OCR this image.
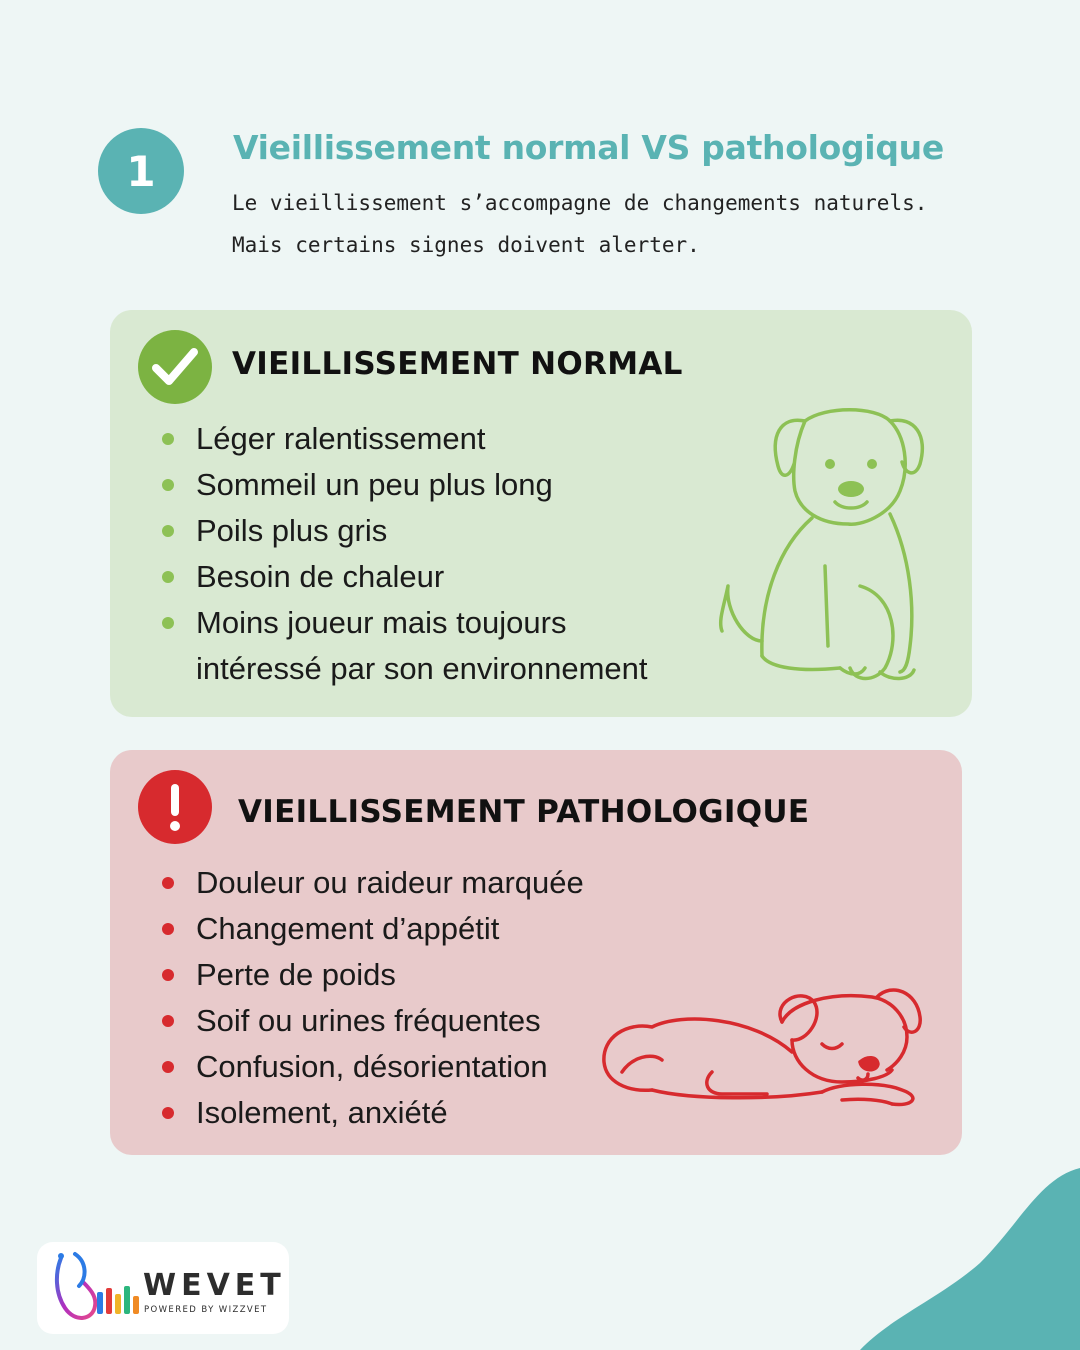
1	Vieillissement normal VS pathologique

Le vieillissement s’accompagne de changements naturels.
Mais certains signes doivent alerter.

VIEILLISSEMENT NORMAL
Léger ralentissement
Sommeil un peu plus long
Poils plus gris
Besoin de chaleur
Moins joueur mais toujours
intéressé par son environnement
VIEILLISSEMENT PATHOLOGIQUE
Douleur ou raideur marquée
Changement d’appétit
Perte de poids
Soif ou urines fréquentes
Confusion, désorientation
Isolement, anxiété
WEVET
POWERED BY WIZZVET
